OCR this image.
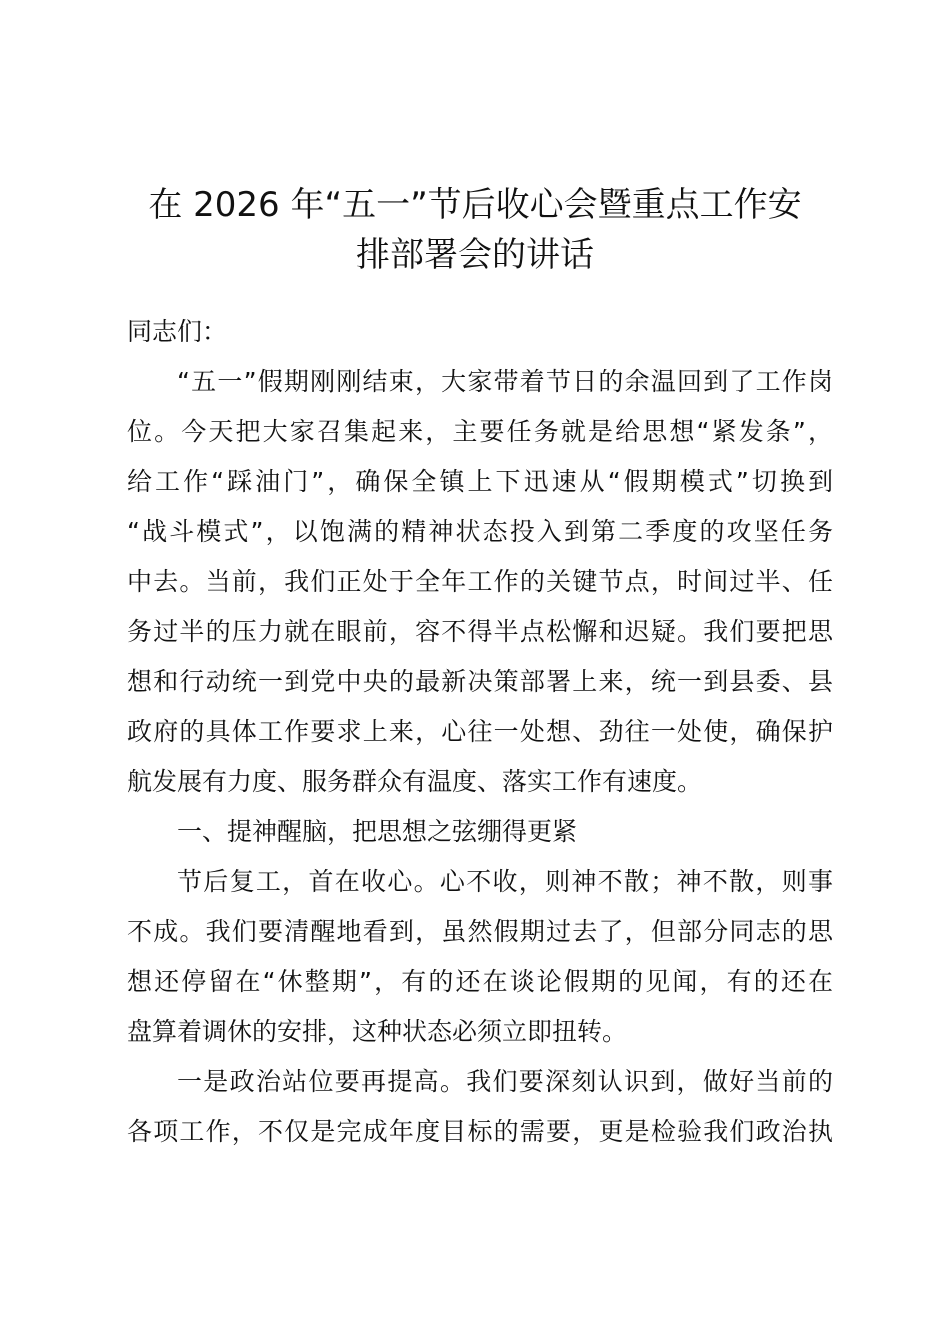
在 2026 年“五一”节后收心会暨重点工作安
排部署会的讲话
同志们：
“五一”假期刚刚结束，大家带着节日的余温回到了工作岗
位。今天把大家召集起来，主要任务就是给思想“紧发条”，
给工作“踩油门”，确保全镇上下迅速从“假期模式”切换到
“战斗模式”，以饱满的精神状态投入到第二季度的攻坚任务
中去。当前，我们正处于全年工作的关键节点，时间过半、任
务过半的压力就在眼前，容不得半点松懈和迟疑。我们要把思
想和行动统一到党中央的最新决策部署上来，统一到县委、县
政府的具体工作要求上来，心往一处想、劲往一处使，确保护
航发展有力度、服务群众有温度、落实工作有速度。
一、提神醒脑，把思想之弦绷得更紧
节后复工，首在收心。心不收，则神不散；神不散，则事
不成。我们要清醒地看到，虽然假期过去了，但部分同志的思
想还停留在“休整期”，有的还在谈论假期的见闻，有的还在
盘算着调休的安排，这种状态必须立即扭转。
一是政治站位要再提高。我们要深刻认识到，做好当前的
各项工作，不仅是完成年度目标的需要，更是检验我们政治执
